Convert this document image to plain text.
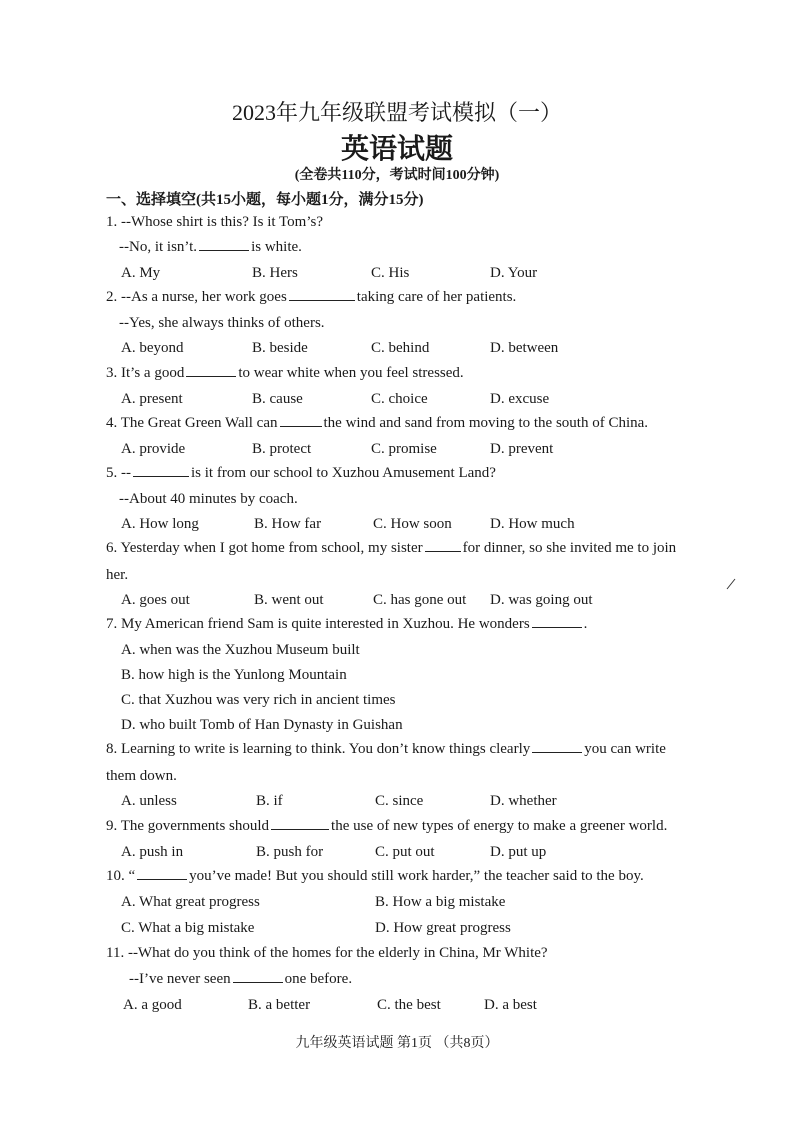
2023年九年级联盟考试模拟（一）
英语试题
(全卷共110分，考试时间100分钟)
一、选择填空(共15小题，每小题1分，满分15分)
1. --Whose shirt is this? Is it Tom’s?
--No, it isn’t.	is white.
A. My	B. Hers	C. His	D. Your
2. --As a nurse, her work goes	taking care of her patients.
--Yes, she always thinks of others.
A. beyond	B. beside	C. behind	D. between
3. It’s a good	to wear white when you feel stressed.
A. present	B. cause	C. choice	D. excuse
4. The Great Green Wall can	the wind and sand from moving to the south of China.
A. provide	B. protect	C. promise	D. prevent
5. --	is it from our school to Xuzhou Amusement Land?
--About 40 minutes by coach.
A. How long	B. How far	C. How soon	D. How much
6. Yesterday when I got home from school, my sister	for dinner, so she invited me to join
her.
A. goes out	B. went out	C. has gone out D. was going out
7. My American friend Sam is quite interested in Xuzhou. He wonders	.
A. when was the Xuzhou Museum built
B. how high is the Yunlong Mountain
C. that Xuzhou was very rich in ancient times
D. who built Tomb of Han Dynasty in Guishan
8. Learning to write is learning to think. You don’t know things clearly	you can write
them down.
A. unless	B. if	C. since	D. whether
9. The governments should	the use of new types of energy to make a greener world.
A. push in	B. push for	C. put out	D. put up
10. “	you’ve made! But you should still work harder,” the teacher said to the boy.
A. What great progress	B. How a big mistake
C. What a big mistake	D. How great progress
11. --What do you think of the homes for the elderly in China, Mr White?
--I’ve never seen	one before.
A. a good	B. a better	C. the best	D. a best
九年级英语试题 第1页 （共8页）
